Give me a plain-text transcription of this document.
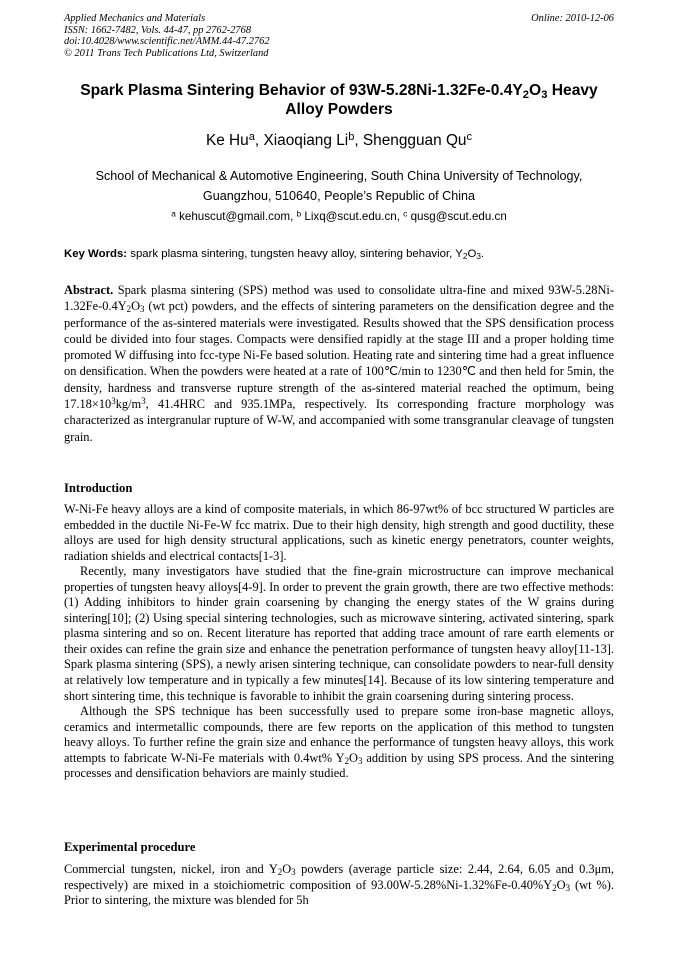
Applied Mechanics and Materials
ISSN: 1662-7482, Vols. 44-47, pp 2762-2768
doi:10.4028/www.scientific.net/AMM.44-47.2762
© 2011 Trans Tech Publications Ltd, Switzerland
Online: 2010-12-06
Spark Plasma Sintering Behavior of $93W-5.28Ni-1.32Fe-0.4Y_2O_3$ Heavy
Alloy Powders
Ke Hu$^a$, Xiaoqiang Li$^b$, Shengguan Qu$^c$
School of Mechanical & Automotive Engineering, South China University of Technology,
Guangzhou, 510640, People’s Republic of China
$^a$ kehuscut@gmail.com, $^b$ Lixq@scut.edu.cn, $^c$ qusg@scut.edu.cn
Key Words: spark plasma sintering, tungsten heavy alloy, sintering behavior, $Y_2O_3$.
Abstract. Spark plasma sintering (SPS) method was used to consolidate ultra-fine and mixed $93W-5.28Ni-1.32Fe-0.4Y_2O_3$ (wt pct) powders, and the effects of sintering parameters on the densification degree and the performance of the as-sintered materials were investigated. Results showed that the SPS densification process could be divided into four stages. Compacts were densified rapidly at the stage III and a proper holding time promoted W diffusing into fcc-type Ni-Fe based solution. Heating rate and sintering time had a great influence on densification. When the powders were heated at a rate of 100℃/min to 1230℃ and then held for 5min, the density, hardness and transverse rupture strength of the as-sintered material reached the optimum, being $17.18\times 10^3kg/m^3$, 41.4HRC and 935.1MPa, respectively. Its corresponding fracture morphology was characterized as intergranular rupture of W-W, and accompanied with some transgranular cleavage of tungsten grain.
Introduction

W-Ni-Fe heavy alloys are a kind of composite materials, in which 86-97wt% of bcc structured W particles are embedded in the ductile Ni-Fe-W fcc matrix. Due to their high density, high strength and good ductility, these alloys are used for high density structural applications, such as kinetic energy penetrators, counter weights, radiation shields and electrical contacts[1-3].

Recently, many investigators have studied that the fine-grain microstructure can improve mechanical properties of tungsten heavy alloys[4-9]. In order to prevent the grain growth, there are two effective methods: (1) Adding inhibitors to hinder grain coarsening by changing the energy states of the W grains during sintering[10]; (2) Using special sintering technologies, such as microwave sintering, activated sintering, spark plasma sintering and so on. Recent literature has reported that adding trace amount of rare earth elements or their oxides can refine the grain size and enhance the penetration performance of tungsten heavy alloy[11-13]. Spark plasma sintering (SPS), a newly arisen sintering technique, can consolidate powders to near-full density at relatively low temperature and in typically a few minutes[14]. Because of its low sintering temperature and short sintering time, this technique is favorable to inhibit the grain coarsening during sintering process.

Although the SPS technique has been successfully used to prepare some iron-base magnetic alloys, ceramics and intermetallic compounds, there are few reports on the application of this method to tungsten heavy alloys. To further refine the grain size and enhance the performance of tungsten heavy alloys, this work attempts to fabricate W-Ni-Fe materials with 0.4wt% $Y_2O_3$ addition by using SPS process. And the sintering processes and densification behaviors are mainly studied.

Experimental procedure

Commercial tungsten, nickel, iron and $Y_2O_3$ powders (average particle size: 2.44, 2.64, 6.05 and 0.3μm, respectively) are mixed in a stoichiometric composition of $93.00W-5.28\%Ni-1.32\%Fe-0.40\%Y_2O_3$ (wt %). Prior to sintering, the mixture was blended for 5h
